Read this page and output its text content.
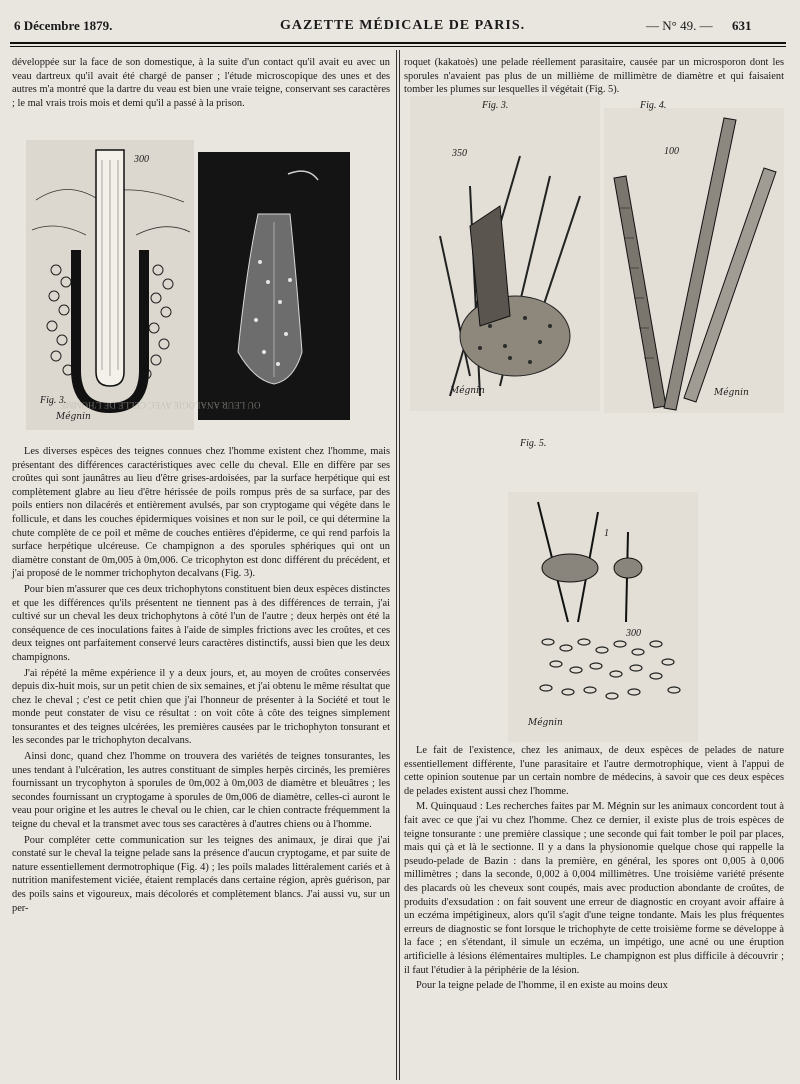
6 Décembre 1879.	GAZETTE MÉDICALE DE PARIS.	— N° 49. — 631

développée sur la face de son domestique, à la suite d'un contact qu'il avait eu avec un veau dartreux qu'il avait été chargé de panser ; l'étude microscopique des unes et des autres m'a montré que la dartre du veau est bien une vraie teigne, conservant ses caractères ; le mal vrais trois mois et demi qu'il a passé à la prison.

300
Mégnin
OU LEUR ANALOGIE AVEC CELLE DE L'HOMME
Fig. 3.

Les diverses espèces des teignes connues chez l'homme existent chez l'homme, mais présentant des différences caractéristiques avec celle du cheval. Elle en diffère par ses croûtes qui sont jaunâtres au lieu d'être grises-ardoisées, par la surface herpétique qui est complètement glabre au lieu d'être hérissée de poils rompus près de sa surface, par des poils entiers non dilacérés et entièrement avulsés, par son cryptogame qui végète dans le follicule, et dans les couches épidermiques voisines et non sur le poil, ce qui détermine la chute complète de ce poil et même de couches entières d'épiderme, ce qui rend parfois la surface herpétique ulcéreuse. Ce champignon a des sporules sphériques qui ont un diamètre constant de 0m,005 à 0m,006. Ce tricophyton est donc différent du précédent, et j'ai proposé de le nommer trichophyton decalvans (Fig. 3).

Pour bien m'assurer que ces deux trichophytons constituent bien deux espèces distinctes et que les différences qu'ils présentent ne tiennent pas à des différences de terrain, j'ai cultivé sur un cheval les deux trichophytons à côté l'un de l'autre ; deux herpès ont été la conséquence de ces inoculations faites à l'aide de simples frictions avec les croûtes, et ces deux teignes ont parfaitement conservé leurs caractères distinctifs, aussi bien que les deux champignons.

J'ai répété la même expérience il y a deux jours, et, au moyen de croûtes conservées depuis dix-huit mois, sur un petit chien de six semaines, et j'ai obtenu le même résultat que chez le cheval ; c'est ce petit chien que j'ai l'honneur de présenter à la Société et tout le monde peut constater de visu ce résultat : on voit côte à côte des teignes simplement tonsurantes et des teignes ulcérées, les premières causées par le trichophyton tonsurant et les secondes par le trichophyton decalvans.

Ainsi donc, quand chez l'homme on trouvera des variétés de teignes tonsurantes, les unes tendant à l'ulcération, les autres constituant de simples herpès circinés, les premières fournissant un trycophyton à sporules de 0m,002 à 0m,003 de diamètre et bleuâtres ; les secondes fournissant un cryptogame à sporules de 0m,006 de diamètre, celles-ci auront le veau pour origine et les autres le cheval ou le chien, car le chien contracte fréquemment la teigne du cheval et la transmet avec tous ses caractères à d'autres chiens ou à l'homme.

Pour compléter cette communication sur les teignes des animaux, je dirai que j'ai constaté sur le cheval la teigne pelade sans la présence d'aucun cryptogame, et par suite de nature essentiellement dermotrophique (Fig. 4) ; les poils malades littéralement cariés et à nutrition manifestement viciée, étaient remplacés dans certaine région, après guérison, par des poils sains et vigoureux, mais décolorés et complètement blancs. J'ai aussi vu, sur un per-

roquet (kakatoès) une pelade réellement parasitaire, causée par un microsporon dont les sporules n'avaient pas plus de un millième de millimètre de diamètre et qui faisaient tomber les plumes sur lesquelles il végétait (Fig. 5).

350
Mégnin
100
Mégnin
Fig. 3.	Fig. 4.
1
300
Mégnin
Fig. 5.

Le fait de l'existence, chez les animaux, de deux espèces de pelades de nature essentiellement différente, l'une parasitaire et l'autre dermotrophique, vient à l'appui de cette opinion soutenue par un certain nombre de médecins, à savoir que ces deux espèces de pelades existent aussi chez l'homme.

M. Quinquaud : Les recherches faites par M. Mégnin sur les animaux concordent tout à fait avec ce que j'ai vu chez l'homme. Chez ce dernier, il existe plus de trois espèces de teigne tonsurante : une première classique ; une seconde qui fait tomber le poil par places, mais qui çà et là le sectionne. Il y a dans la physionomie quelque chose qui rappelle la pseudo-pelade de Bazin : dans la première, en général, les spores ont 0,005 à 0,006 millimètres ; dans la seconde, 0,002 à 0,004 millimètres. Une troisième variété présente des placards où les cheveux sont coupés, mais avec production abondante de croûtes, de produits d'exsudation : on fait souvent une erreur de diagnostic en croyant avoir affaire à un eczéma impétigineux, alors qu'il s'agit d'une teigne tondante. Mais les plus fréquentes erreurs de diagnostic se font lorsque le trichophyte de cette troisième forme se développe à la face ; en s'étendant, il simule un eczéma, un impétigo, une acné ou une éruption artificielle à lésions élémentaires multiples. Le champignon est plus difficile à découvrir ; il faut l'étudier à la périphérie de la lésion.

Pour la teigne pelade de l'homme, il en existe au moins deux
